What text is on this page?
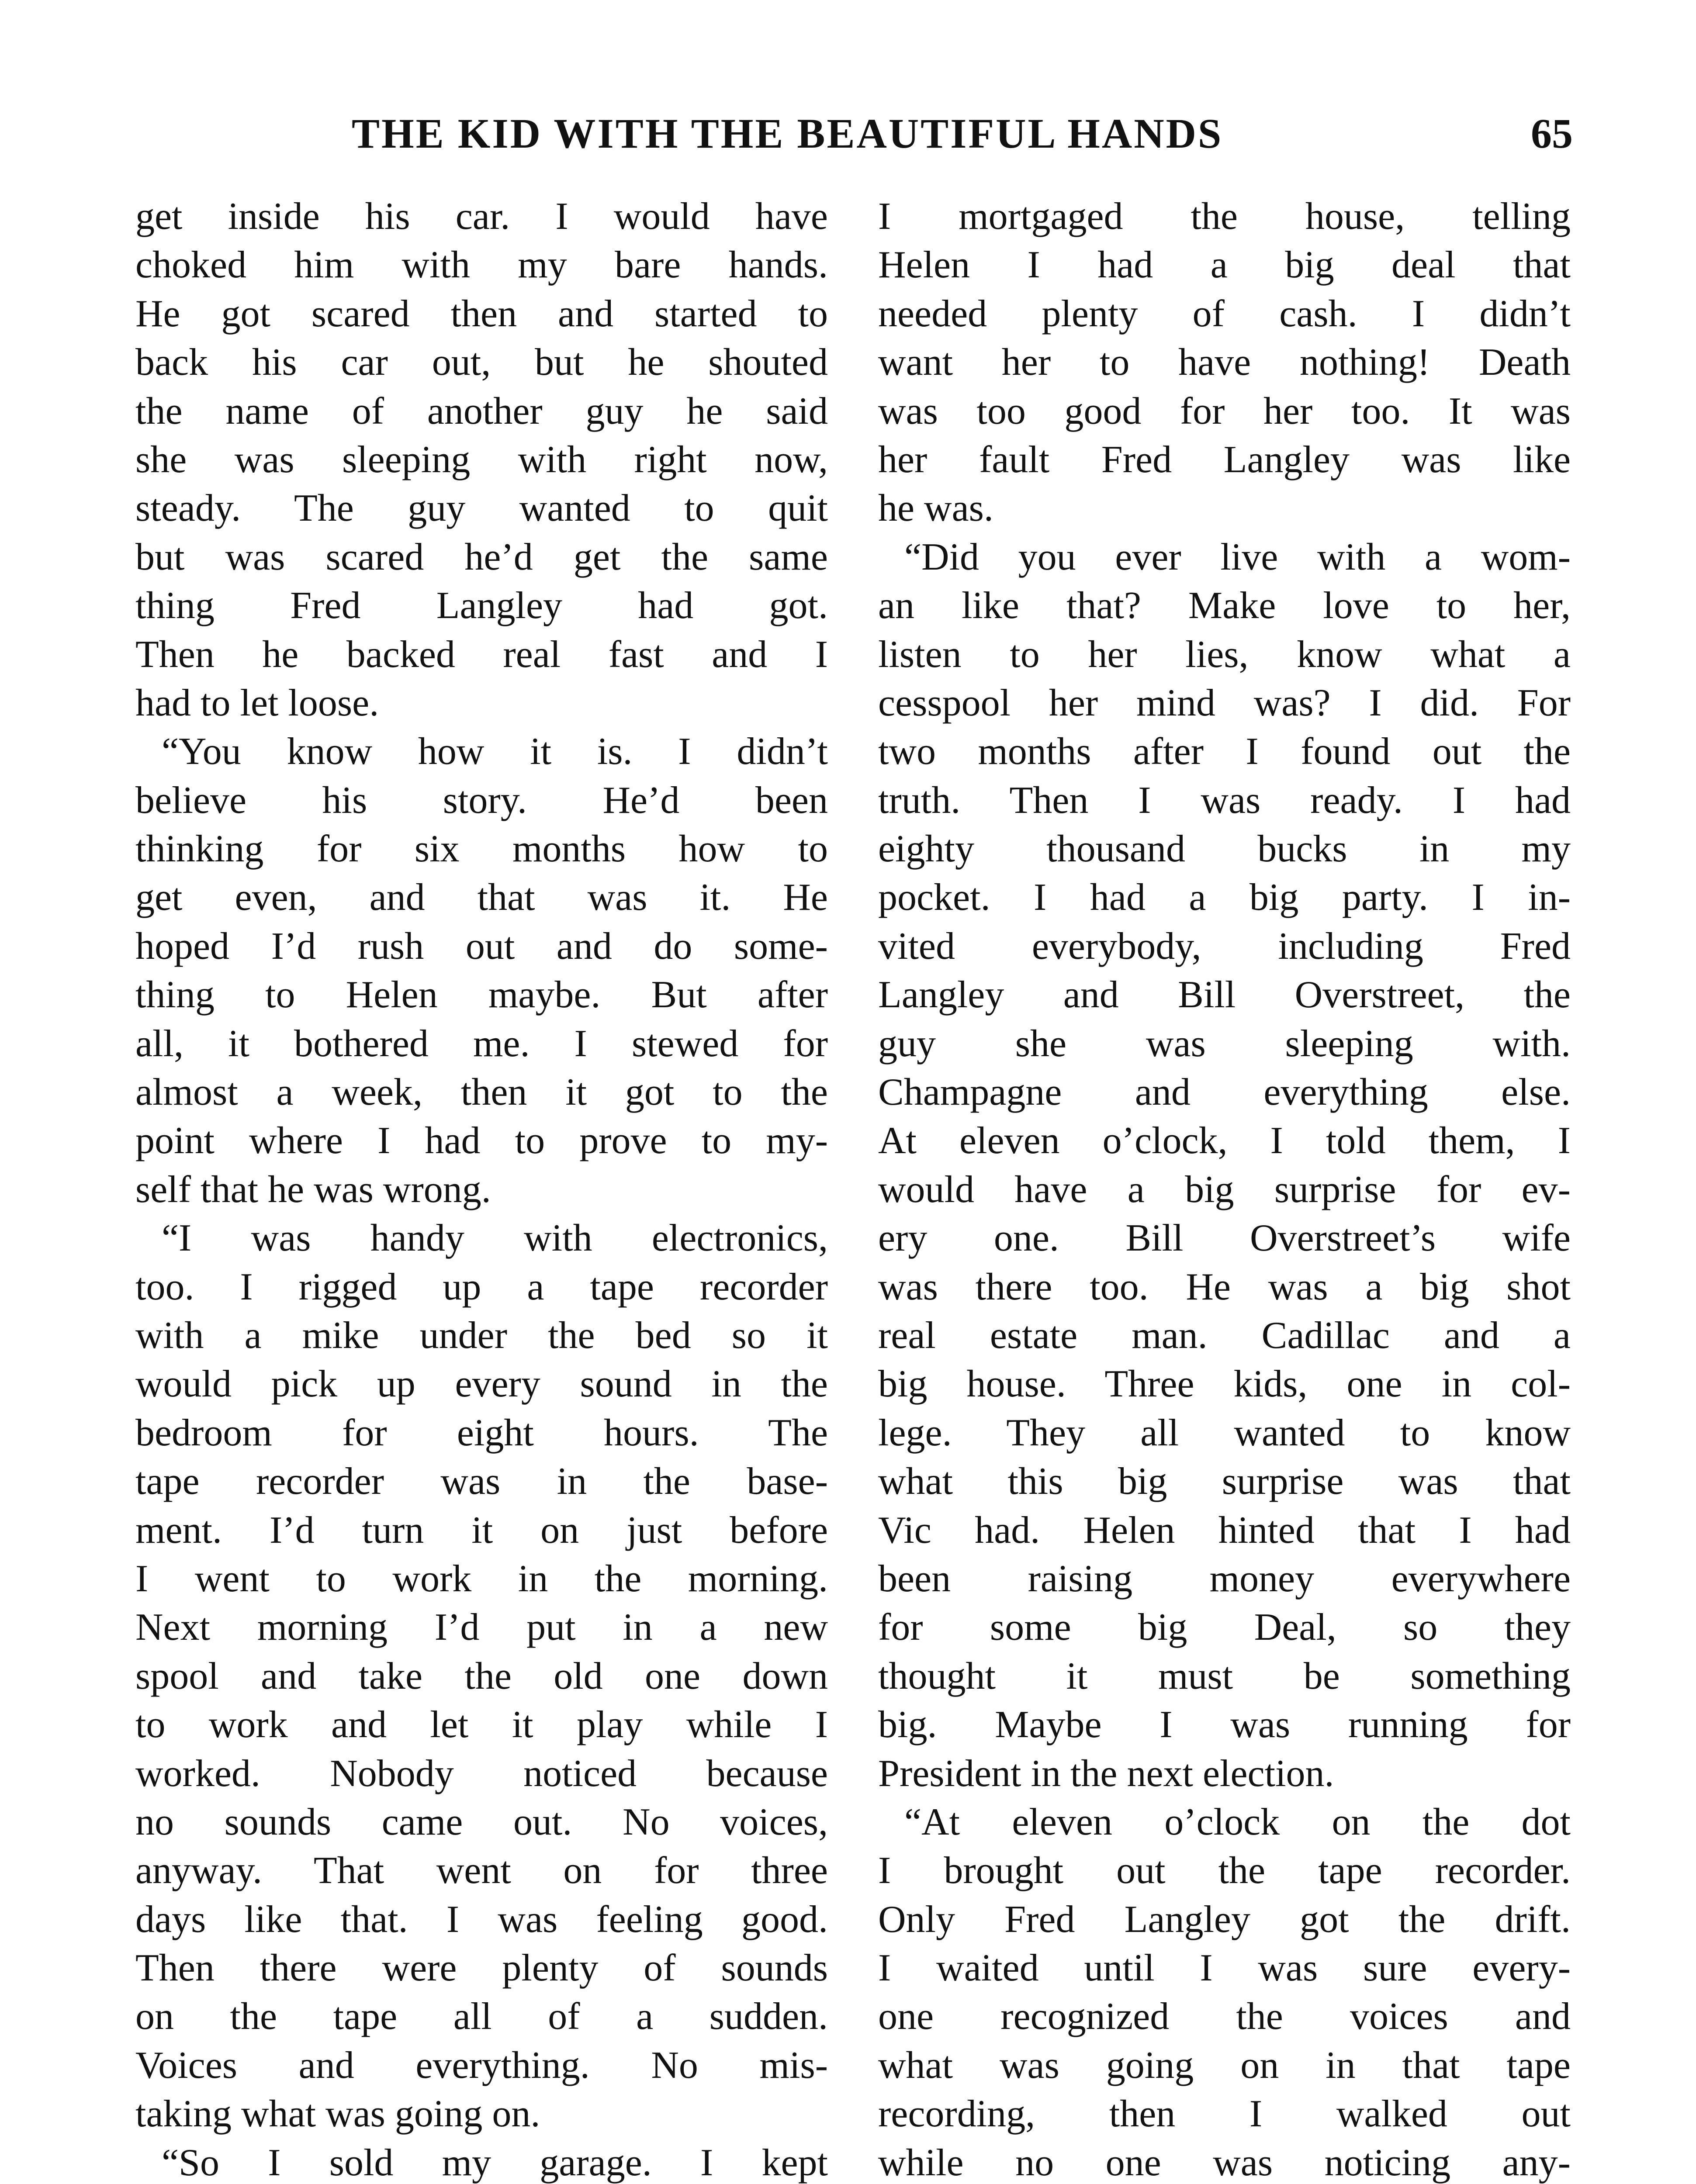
THE KID WITH THE BEAUTIFUL HANDS	65
get inside his car. I would have
choked him with my bare hands.
He got scared then and started to
back his car out, but he shouted
the name of another guy he said
she was sleeping with right now,
steady. The guy wanted to quit
but was scared he’d get the same
thing Fred Langley had got.
Then he backed real fast and I
had to let loose.
“You know how it is. I didn’t
believe his story. He’d been
thinking for six months how to
get even, and that was it. He
hoped I’d rush out and do some-
thing to Helen maybe. But after
all, it bothered me. I stewed for
almost a week, then it got to the
point where I had to prove to my-
self that he was wrong.
“I was handy with electronics,
too. I rigged up a tape recorder
with a mike under the bed so it
would pick up every sound in the
bedroom for eight hours. The
tape recorder was in the base-
ment. I’d turn it on just before
I went to work in the morning.
Next morning I’d put in a new
spool and take the old one down
to work and let it play while I
worked. Nobody noticed because
no sounds came out. No voices,
anyway. That went on for three
days like that. I was feeling good.
Then there were plenty of sounds
on the tape all of a sudden.
Voices and everything. No mis-
taking what was going on.
“So I sold my garage. I kept
I mortgaged the house, telling
Helen I had a big deal that
needed plenty of cash. I didn’t
want her to have nothing! Death
was too good for her too. It was
her fault Fred Langley was like
he was.
“Did you ever live with a wom-
an like that? Make love to her,
listen to her lies, know what a
cesspool her mind was? I did. For
two months after I found out the
truth. Then I was ready. I had
eighty thousand bucks in my
pocket. I had a big party. I in-
vited everybody, including Fred
Langley and Bill Overstreet, the
guy she was sleeping with.
Champagne and everything else.
At eleven o’clock, I told them, I
would have a big surprise for ev-
ery one. Bill Overstreet’s wife
was there too. He was a big shot
real estate man. Cadillac and a
big house. Three kids, one in col-
lege. They all wanted to know
what this big surprise was that
Vic had. Helen hinted that I had
been raising money everywhere
for some big Deal, so they
thought it must be something
big. Maybe I was running for
President in the next election.
“At eleven o’clock on the dot
I brought out the tape recorder.
Only Fred Langley got the drift.
I waited until I was sure every-
one recognized the voices and
what was going on in that tape
recording, then I walked out
while no one was noticing any-
